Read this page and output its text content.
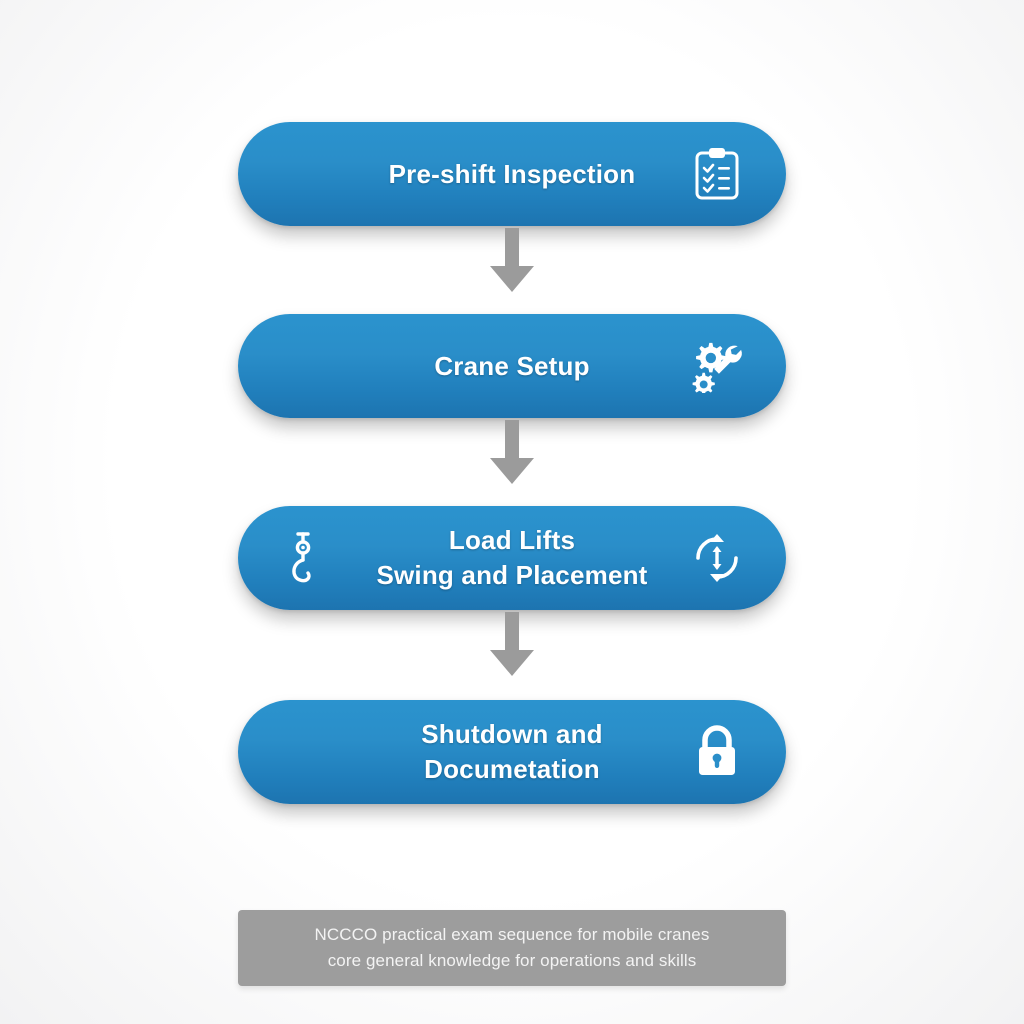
Pre-shift Inspection
Crane Setup
Load Lifts
Swing and Placement
Shutdown and
Documetation
NCCCO practical exam sequence for mobile cranes
core general knowledge for operations and skills
